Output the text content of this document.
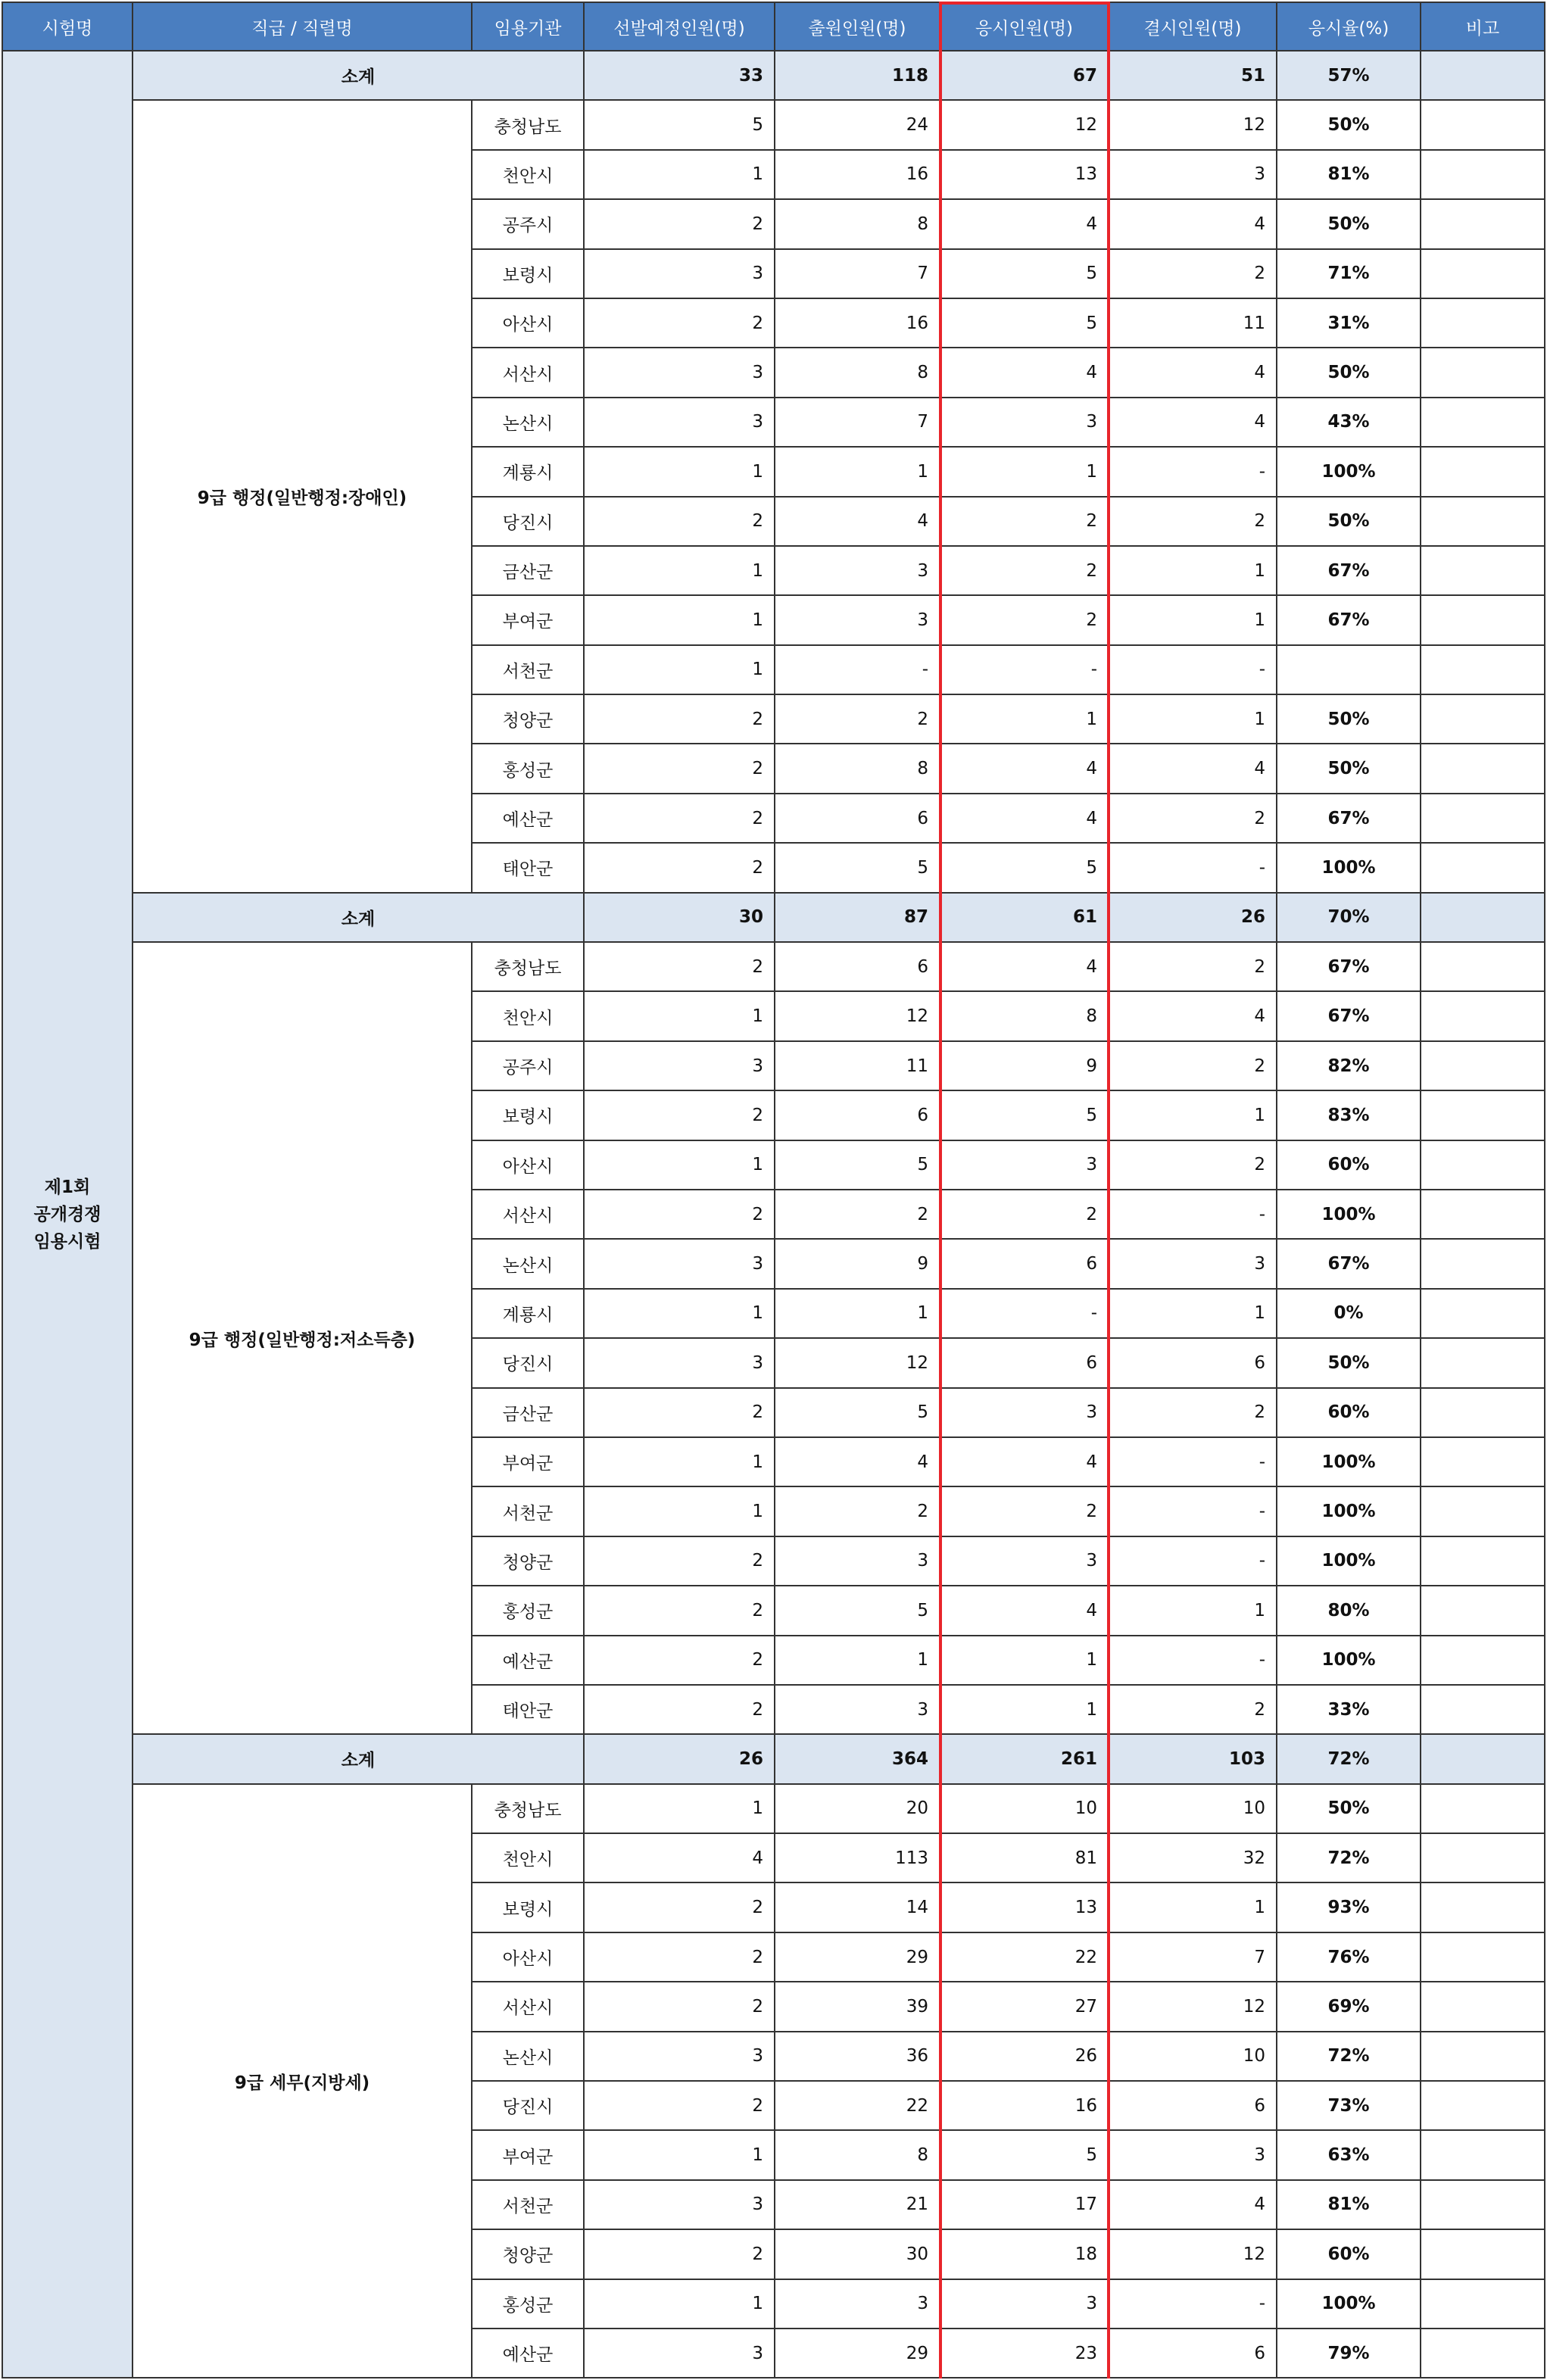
시험명	직급 / 직렬명	임용기관	선발예정인원(명)	출원인원(명)	응시인원(명)	결시인원(명)	응시율(%)	비고
제1회
공개경쟁
임용시험	소계		33	118	67	51	57%	
	9급 행정(일반행정:장애인)	충청남도	5	24	12	12	50%	
		천안시	1	16	13	3	81%	
		공주시	2	8	4	4	50%	
		보령시	3	7	5	2	71%	
		아산시	2	16	5	11	31%	
		서산시	3	8	4	4	50%	
		논산시	3	7	3	4	43%	
		계룡시	1	1	1	-	100%	
		당진시	2	4	2	2	50%	
		금산군	1	3	2	1	67%	
		부여군	1	3	2	1	67%	
		서천군	1	-	-	-		
		청양군	2	2	1	1	50%	
		홍성군	2	8	4	4	50%	
		예산군	2	6	4	2	67%	
		태안군	2	5	5	-	100%	
	소계		30	87	61	26	70%	
	9급 행정(일반행정:저소득층)	충청남도	2	6	4	2	67%	
		천안시	1	12	8	4	67%	
		공주시	3	11	9	2	82%	
		보령시	2	6	5	1	83%	
		아산시	1	5	3	2	60%	
		서산시	2	2	2	-	100%	
		논산시	3	9	6	3	67%	
		계룡시	1	1	-	1	0%	
		당진시	3	12	6	6	50%	
		금산군	2	5	3	2	60%	
		부여군	1	4	4	-	100%	
		서천군	1	2	2	-	100%	
		청양군	2	3	3	-	100%	
		홍성군	2	5	4	1	80%	
		예산군	2	1	1	-	100%	
		태안군	2	3	1	2	33%	
	소계		26	364	261	103	72%	
	9급 세무(지방세)	충청남도	1	20	10	10	50%	
		천안시	4	113	81	32	72%	
		보령시	2	14	13	1	93%	
		아산시	2	29	22	7	76%	
		서산시	2	39	27	12	69%	
		논산시	3	36	26	10	72%	
		당진시	2	22	16	6	73%	
		부여군	1	8	5	3	63%	
		서천군	3	21	17	4	81%	
		청양군	2	30	18	12	60%	
		홍성군	1	3	3	-	100%	
		예산군	3	29	23	6	79%	
